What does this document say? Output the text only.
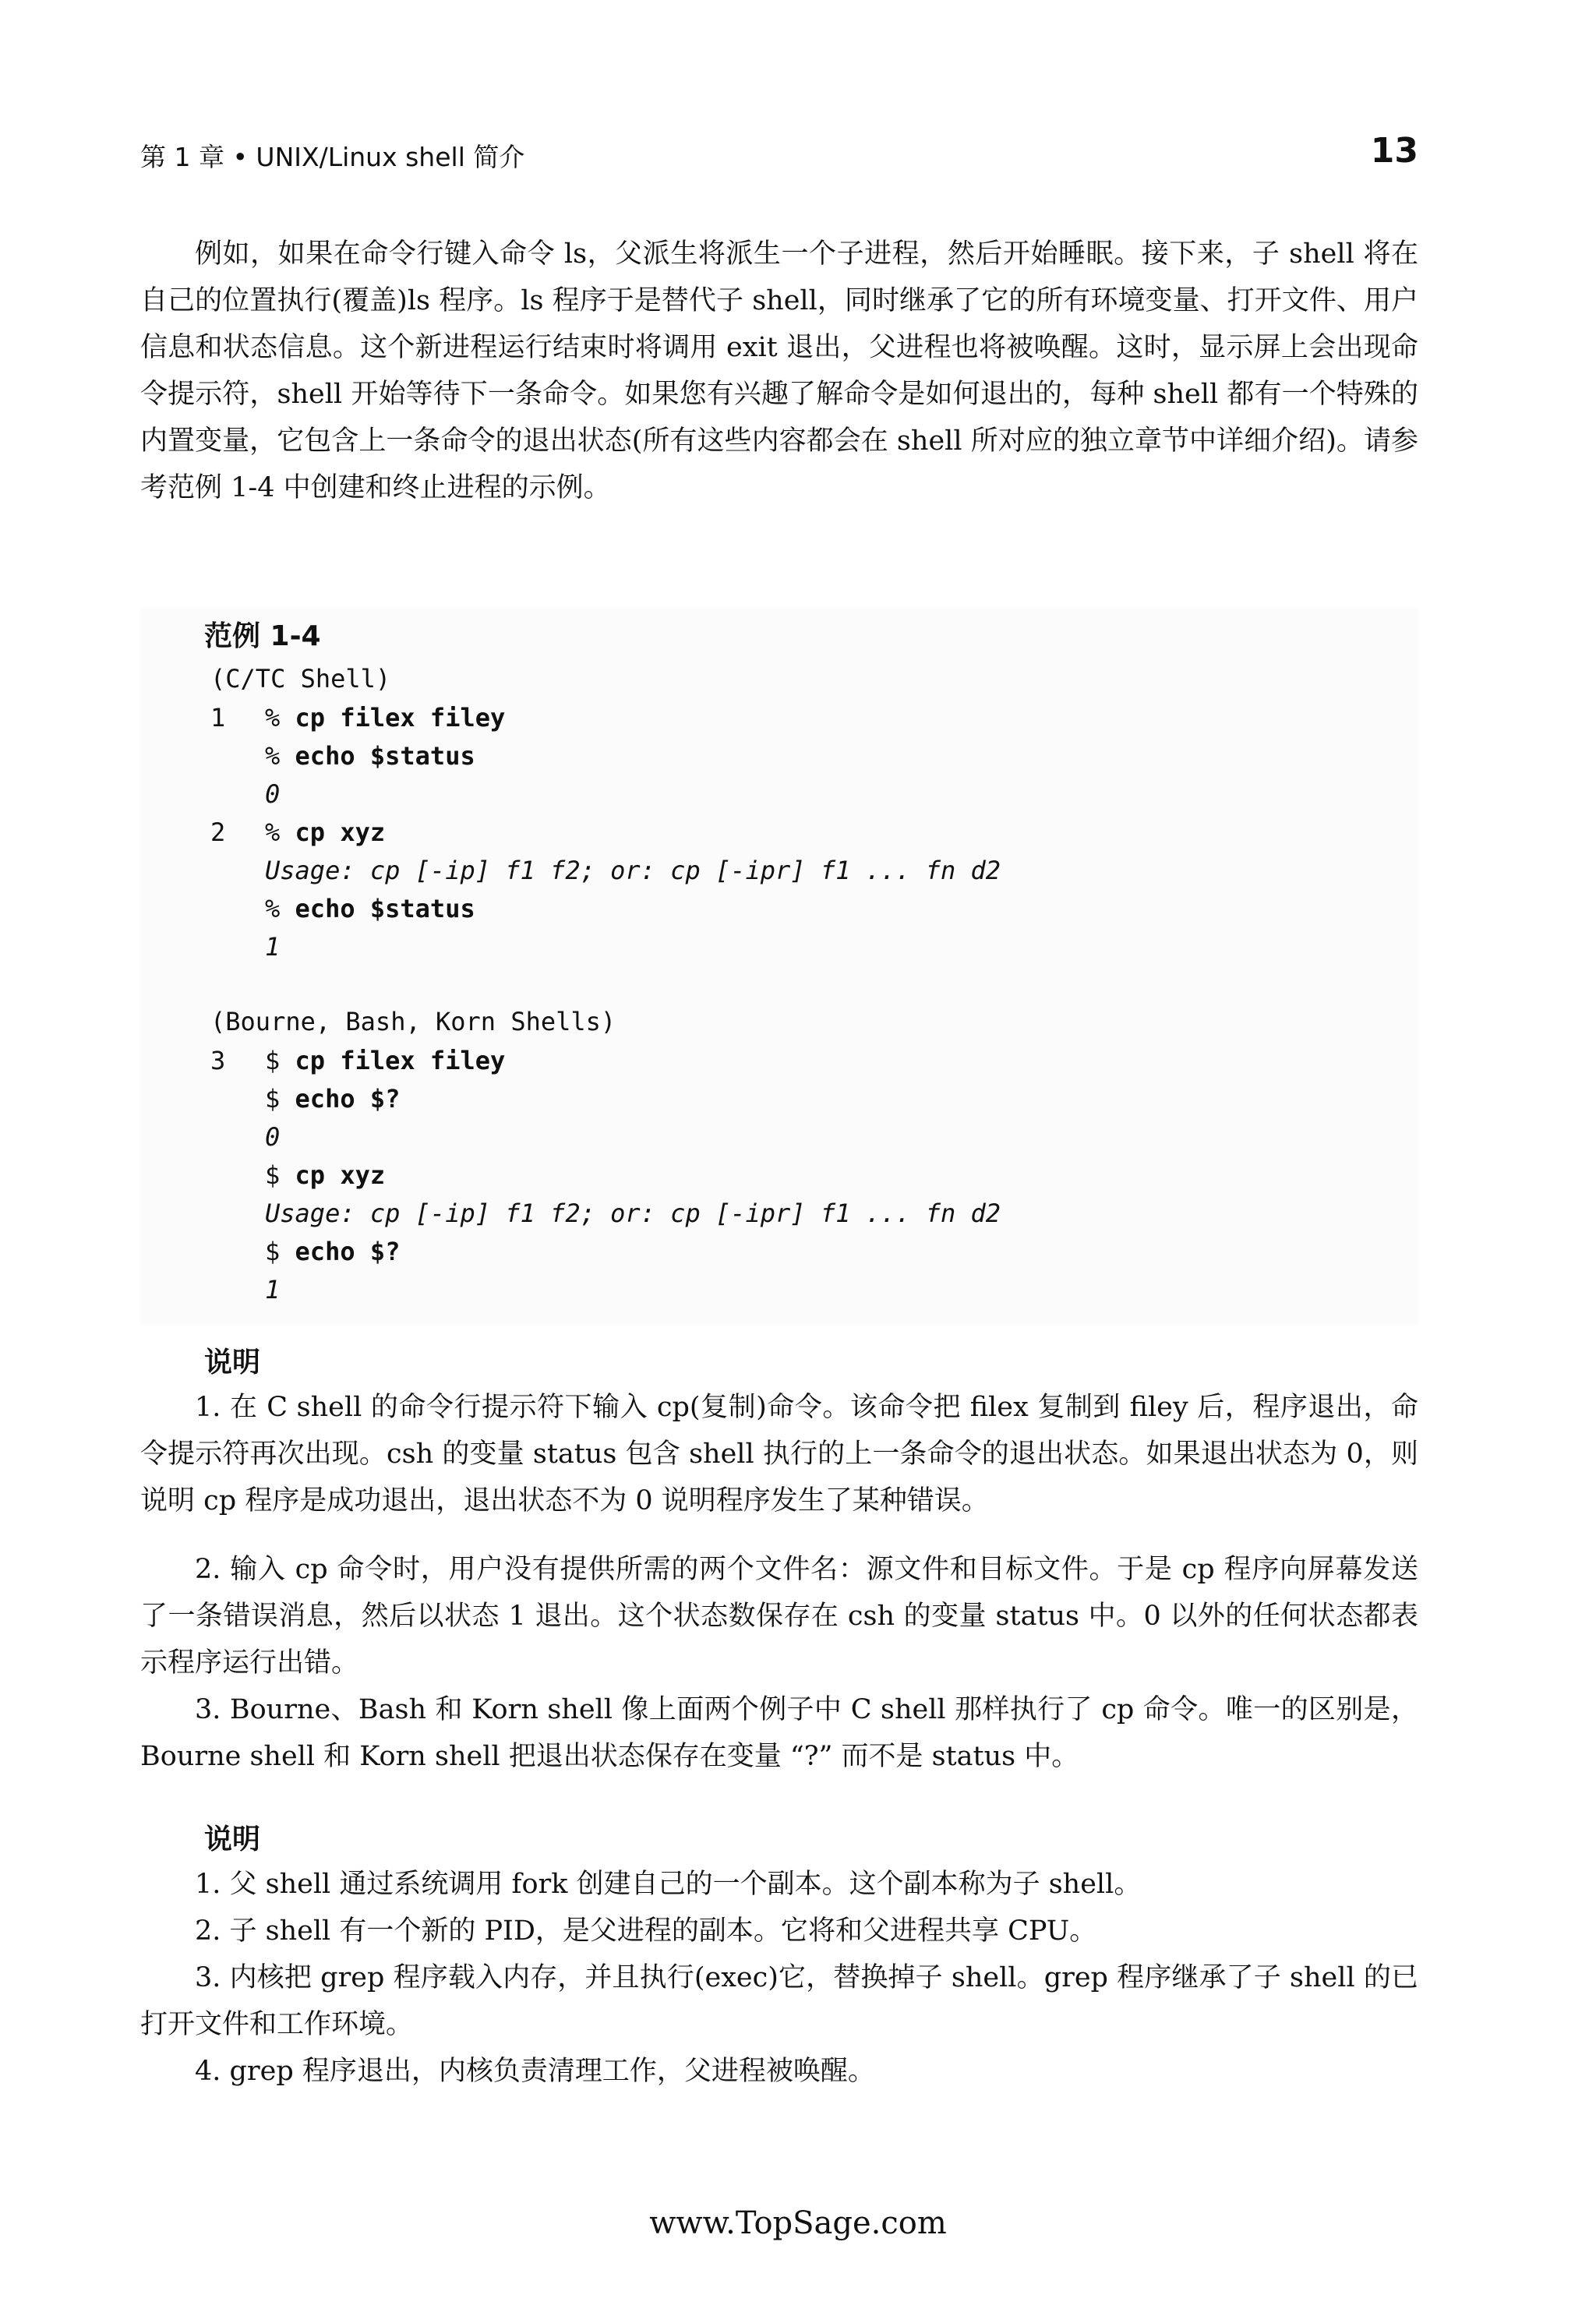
第 1 章 • UNIX/Linux shell 简介	13
例如，如果在命令行键入命令 ls，父派生将派生一个子进程，然后开始睡眠。接下来，子 shell 将在自己的位置执行(覆盖)ls 程序。ls 程序于是替代子 shell，同时继承了它的所有环境变量、打开文件、用户信息和状态信息。这个新进程运行结束时将调用 exit 退出，父进程也将被唤醒。这时，显示屏上会出现命令提示符，shell 开始等待下一条命令。如果您有兴趣了解命令是如何退出的，每种 shell 都有一个特殊的内置变量，它包含上一条命令的退出状态(所有这些内容都会在 shell 所对应的独立章节中详细介绍)。请参考范例 1-4 中创建和终止进程的示例。
范例 1-4
(C/TC Shell)
1 % cp filex filey
% echo $status
0
2 % cp xyz
Usage: cp [-ip] f1 f2; or: cp [-ipr] f1 ... fn d2
% echo $status
1
(Bourne, Bash, Korn Shells)
3 $ cp filex filey
$ echo $?
0
$ cp xyz
Usage: cp [-ip] f1 f2; or: cp [-ipr] f1 ... fn d2
$ echo $?
1
说明
1. 在 C shell 的命令行提示符下输入 cp(复制)命令。该命令把 filex 复制到 filey 后，程序退出，命令提示符再次出现。csh 的变量 status 包含 shell 执行的上一条命令的退出状态。如果退出状态为 0，则说明 cp 程序是成功退出，退出状态不为 0 说明程序发生了某种错误。
2. 输入 cp 命令时，用户没有提供所需的两个文件名：源文件和目标文件。于是 cp 程序向屏幕发送了一条错误消息，然后以状态 1 退出。这个状态数保存在 csh 的变量 status 中。0 以外的任何状态都表示程序运行出错。
3. Bourne、Bash 和 Korn shell 像上面两个例子中 C shell 那样执行了 cp 命令。唯一的区别是，Bourne shell 和 Korn shell 把退出状态保存在变量 “?” 而不是 status 中。
说明
1. 父 shell 通过系统调用 fork 创建自己的一个副本。这个副本称为子 shell。
2. 子 shell 有一个新的 PID，是父进程的副本。它将和父进程共享 CPU。
3. 内核把 grep 程序载入内存，并且执行(exec)它，替换掉子 shell。grep 程序继承了子 shell 的已打开文件和工作环境。
4. grep 程序退出，内核负责清理工作，父进程被唤醒。
www.TopSage.com
